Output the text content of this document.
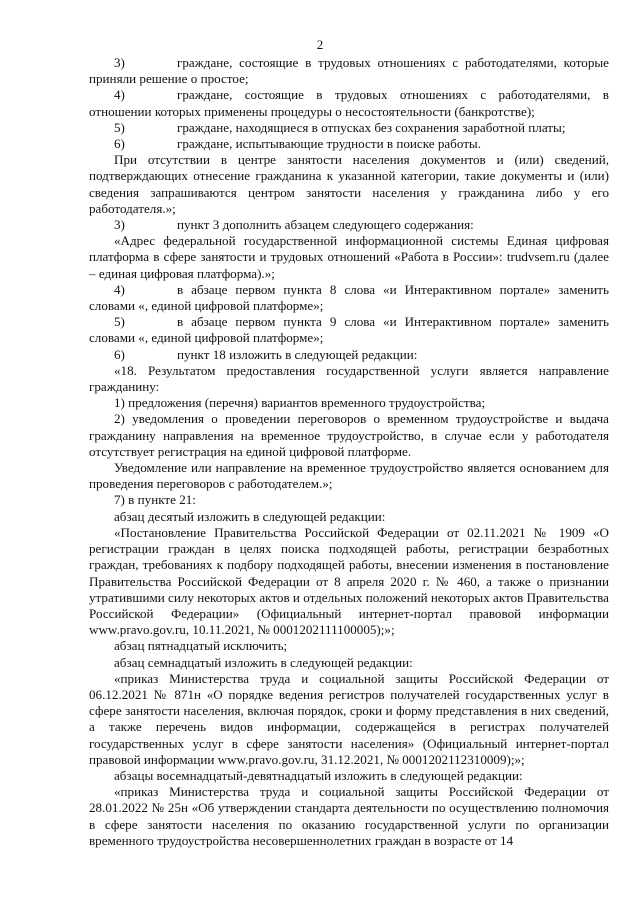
2

3)	граждане, состоящие в трудовых отношениях с работодателями, которые приняли решение о простое;

4)	граждане, состоящие в трудовых отношениях с работодателями, в отношении которых применены процедуры о несостоятельности (банкротстве);

5)	граждане, находящиеся в отпусках без сохранения заработной платы;

6)	граждане, испытывающие трудности в поиске работы.

При отсутствии в центре занятости населения документов и (или) сведений, подтверждающих отнесение гражданина к указанной категории, такие документы и (или) сведения запрашиваются центром занятости населения у гражданина либо у его работодателя.»;

3)	пункт 3 дополнить абзацем следующего содержания:

«Адрес федеральной государственной информационной системы Единая цифровая платформа в сфере занятости и трудовых отношений «Работа в России»: trudvsem.ru (далее – единая цифровая платформа).»;

4)	в абзаце первом пункта 8 слова «и Интерактивном портале» заменить словами «, единой цифровой платформе»;

5)	в абзаце первом пункта 9 слова «и Интерактивном портале» заменить словами «, единой цифровой платформе»;

6)	пункт 18 изложить в следующей редакции:

«18. Результатом предоставления государственной услуги является направление гражданину:

1) предложения (перечня) вариантов временного трудоустройства;

2) уведомления о проведении переговоров о временном трудоустройстве и выдача гражданину направления на временное трудоустройство, в случае если у работодателя отсутствует регистрация на единой цифровой платформе.

Уведомление или направление на временное трудоустройство является основанием для проведения переговоров с работодателем.»;

7) в пункте 21:

абзац десятый изложить в следующей редакции:

«Постановление Правительства Российской Федерации от 02.11.2021 № 1909 «О регистрации граждан в целях поиска подходящей работы, регистрации безработных граждан, требованиях к подбору подходящей работы, внесении изменения в постановление Правительства Российской Федерации от 8 апреля 2020 г. № 460, а также о признании утратившими силу некоторых актов и отдельных положений некоторых актов Правительства Российской Федерации» (Официальный интернет-портал правовой информации www.pravo.gov.ru, 10.11.2021, № 0001202111100005);»;

абзац пятнадцатый исключить;

абзац семнадцатый изложить в следующей редакции:

«приказ Министерства труда и социальной защиты Российской Федерации от 06.12.2021 № 871н «О порядке ведения регистров получателей государственных услуг в сфере занятости населения, включая порядок, сроки и форму представления в них сведений, а также перечень видов информации, содержащейся в регистрах получателей государственных услуг в сфере занятости населения» (Официальный интернет-портал правовой информации www.pravo.gov.ru, 31.12.2021, № 0001202112310009);»;

абзацы восемнадцатый-девятнадцатый изложить в следующей редакции:

«приказ Министерства труда и социальной защиты Российской Федерации от 28.01.2022 № 25н «Об утверждении стандарта деятельности по осуществлению полномочия в сфере занятости населения по оказанию государственной услуги по организации временного трудоустройства несовершеннолетних граждан в возрасте от 14
